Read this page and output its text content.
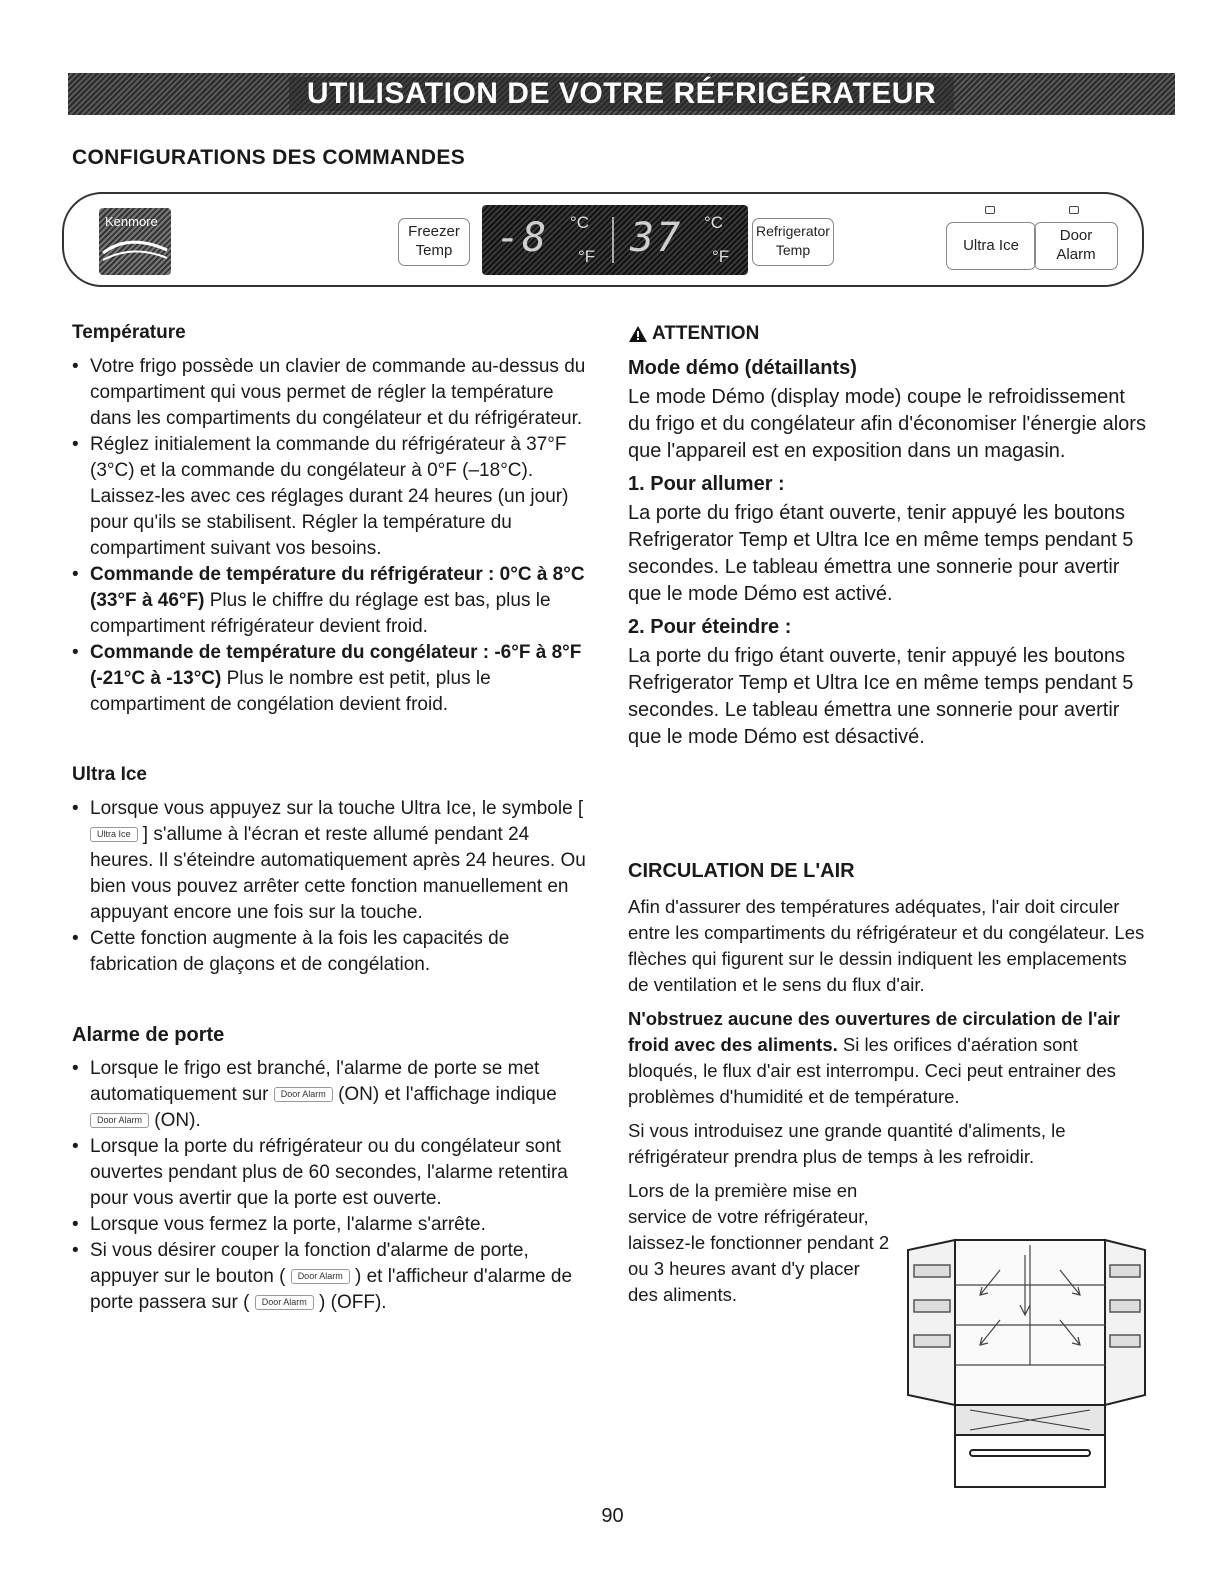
UTILISATION DE VOTRE RÉFRIGÉRATEUR
CONFIGURATIONS DES COMMANDES
Kenmore
Freezer
Temp	-8 °C
°F 37 °C
°F
Refrigerator
Temp	Ultra Ice
Door
Alarm
Température

• Votre frigo possède un clavier de commande au-dessus du compartiment qui vous permet de régler la température dans les compartiments du congélateur et du réfrigérateur.

• Réglez initialement la commande du réfrigérateur à 37°F (3°C) et la commande du congélateur à 0°F (–18°C). Laissez-les avec ces réglages durant 24 heures (un jour) pour qu'ils se stabilisent. Régler la température du compartiment suivant vos besoins.

• Commande de température du réfrigérateur : 0°C à 8°C (33°F à 46°F) Plus le chiffre du réglage est bas, plus le compartiment réfrigérateur devient froid.

• Commande de température du congélateur : -6°F à 8°F (-21°C à -13°C) Plus le nombre est petit, plus le compartiment de congélation devient froid.

Ultra Ice

• Lorsque vous appuyez sur la touche Ultra Ice, le symbole [ Ultra Ice ] s'allume à l'écran et reste allumé pendant 24 heures. Il s'éteindre automatiquement après 24 heures. Ou bien vous pouvez arrêter cette fonction manuellement en appuyant encore une fois sur la touche.

• Cette fonction augmente à la fois les capacités de fabrication de glaçons et de congélation.

Alarme de porte

• Lorsque le frigo est branché, l'alarme de porte se met automatiquement sur Door Alarm (ON) et l'affichage indique Door Alarm (ON).

• Lorsque la porte du réfrigérateur ou du congélateur sont ouvertes pendant plus de 60 secondes, l'alarme retentira pour vous avertir que la porte est ouverte.

• Lorsque vous fermez la porte, l'alarme s'arrête.

• Si vous désirer couper la fonction d'alarme de porte, appuyer sur le bouton ( Door Alarm ) et l'afficheur d'alarme de porte passera sur ( Door Alarm ) (OFF).

ATTENTION
Mode démo (détaillants)

Le mode Démo (display mode) coupe le refroidissement du frigo et du congélateur afin d'économiser l'énergie alors que l'appareil est en exposition dans un magasin.

1. Pour allumer :

La porte du frigo étant ouverte, tenir appuyé les boutons Refrigerator Temp et Ultra Ice en même temps pendant 5 secondes. Le tableau émettra une sonnerie pour avertir que le mode Démo est activé.

2. Pour éteindre :

La porte du frigo étant ouverte, tenir appuyé les boutons Refrigerator Temp et Ultra Ice en même temps pendant 5 secondes. Le tableau émettra une sonnerie pour avertir que le mode Démo est désactivé.

CIRCULATION DE L'AIR

Afin d'assurer des températures adéquates, l'air doit circuler entre les compartiments du réfrigérateur et du congélateur. Les flèches qui figurent sur le dessin indiquent les emplacements de ventilation et le sens du flux d'air.

N'obstruez aucune des ouvertures de circulation de l'air froid avec des aliments. Si les orifices d'aération sont bloqués, le flux d'air est interrompu. Ceci peut entrainer des problèmes d'humidité et de température.

Si vous introduisez une grande quantité d'aliments, le réfrigérateur prendra plus de temps à les refroidir.

Lors de la première mise en service de votre réfrigérateur, laissez-le fonctionner pendant 2 ou 3 heures avant d'y placer des aliments.

90
